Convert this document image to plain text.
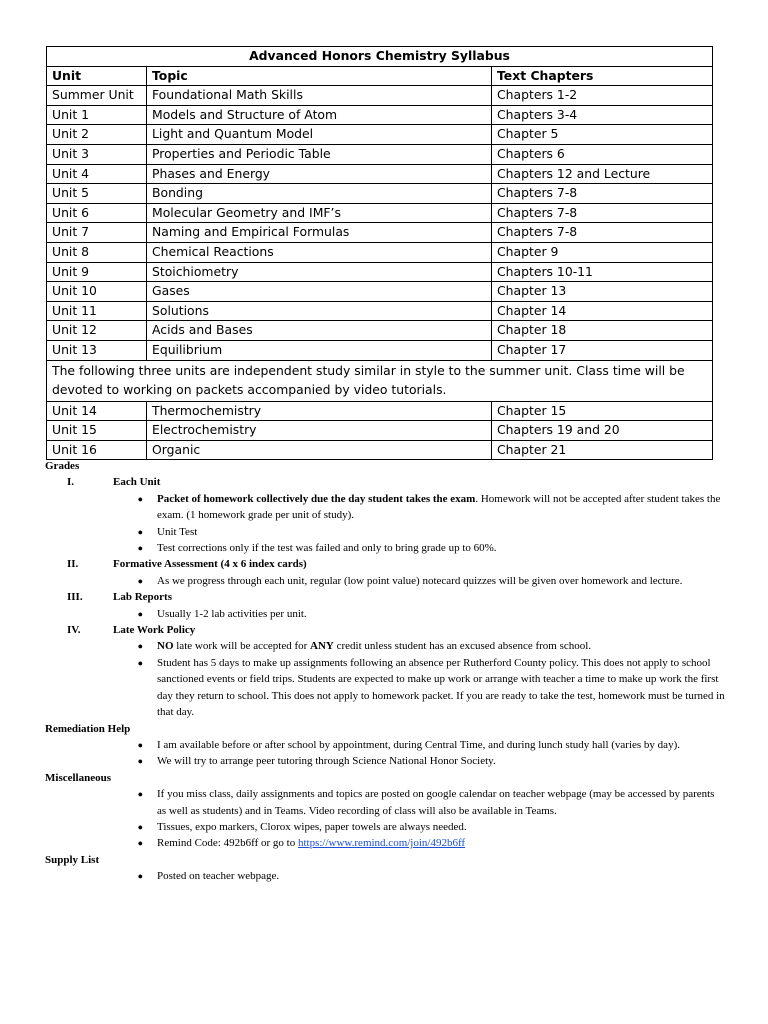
Advanced Honors Chemistry Syllabus		
Unit	Topic	Text Chapters
Summer Unit	Foundational Math Skills	Chapters 1-2
Unit 1	Models and Structure of Atom	Chapters 3-4
Unit 2	Light and Quantum Model	Chapter 5
Unit 3	Properties and Periodic Table	Chapters 6
Unit 4	Phases and Energy	Chapters 12 and Lecture
Unit 5	Bonding	Chapters 7-8
Unit 6	Molecular Geometry and IMF’s	Chapters 7-8
Unit 7	Naming and Empirical Formulas	Chapters 7-8
Unit 8	Chemical Reactions	Chapter 9
Unit 9	Stoichiometry	Chapters 10-11
Unit 10	Gases	Chapter 13
Unit 11	Solutions	Chapter 14
Unit 12	Acids and Bases	Chapter 18
Unit 13	Equilibrium	Chapter 17
The following three units are independent study similar in style to the summer unit. Class time will be devoted to working on packets accompanied by video tutorials.		
Unit 14	Thermochemistry	Chapter 15
Unit 15	Electrochemistry	Chapters 19 and 20
Unit 16	Organic	Chapter 21

Grades

I.	Each Unit
●	Packet of homework collectively due the day student takes the exam. Homework will not be accepted after student takes the exam. (1 homework grade per unit of study).
●	Unit Test
●	Test corrections only if the test was failed and only to bring grade up to 60%.
II.	Formative Assessment (4 x 6 index cards)
●	As we progress through each unit, regular (low point value) notecard quizzes will be given over homework and lecture.
III.	Lab Reports
●	Usually 1-2 lab activities per unit.
IV.	Late Work Policy
●	NO late work will be accepted for ANY credit unless student has an excused absence from school.
●	Student has 5 days to make up assignments following an absence per Rutherford County policy. This does not apply to school sanctioned events or field trips. Students are expected to make up work or arrange with teacher a time to make up work the first day they return to school. This does not apply to homework packet. If you are ready to take the test, homework must be turned in that day.

Remediation Help

●	I am available before or after school by appointment, during Central Time, and during lunch study hall (varies by day).
●	We will try to arrange peer tutoring through Science National Honor Society.

Miscellaneous

●	If you miss class, daily assignments and topics are posted on google calendar on teacher webpage (may be accessed by parents as well as students) and in Teams. Video recording of class will also be available in Teams.
●	Tissues, expo markers, Clorox wipes, paper towels are always needed.
●	Remind Code: 492b6ff or go to https://www.remind.com/join/492b6ff

Supply List

●	Posted on teacher webpage.
